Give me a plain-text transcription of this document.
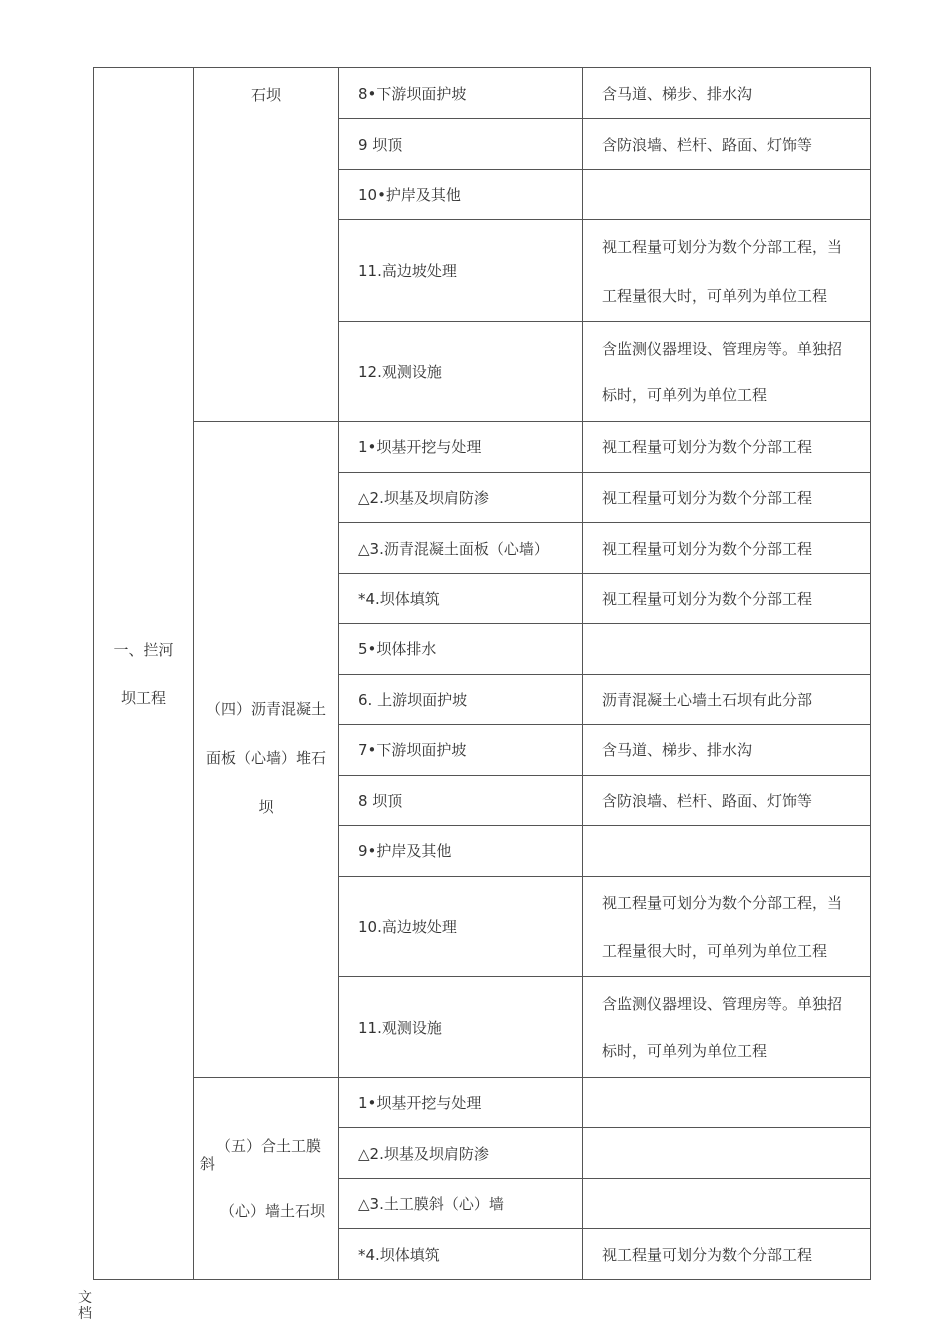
一、拦河
坝工程
石坝
（四）沥青混凝土
面板（心墙）堆石
坝
（五）合土工膜
斜
（心）墙土石坝
8•下游坝面护坡
9 坝顶
10•护岸及其他
11.高边坡处理
12.观测设施
1•坝基开挖与处理
△2.坝基及坝肩防渗
△3.沥青混凝土面板（心墙）
*4.坝体填筑
5•坝体排水
6. 上游坝面护坡
7•下游坝面护坡
8 坝顶
9•护岸及其他
10.高边坡处理
11.观测设施
1•坝基开挖与处理
△2.坝基及坝肩防渗
△3.土工膜斜（心）墙
*4.坝体填筑
含马道、梯步、排水沟
含防浪墙、栏杆、路面、灯饰等
视工程量可划分为数个分部工程，当
工程量很大时，可单列为单位工程
含监测仪器埋设、管理房等。单独招
标时，可单列为单位工程
视工程量可划分为数个分部工程
视工程量可划分为数个分部工程
视工程量可划分为数个分部工程
视工程量可划分为数个分部工程
沥青混凝土心墙土石坝有此分部
含马道、梯步、排水沟
含防浪墙、栏杆、路面、灯饰等
视工程量可划分为数个分部工程，当
工程量很大时，可单列为单位工程
含监测仪器埋设、管理房等。单独招
标时，可单列为单位工程
视工程量可划分为数个分部工程
文
档
